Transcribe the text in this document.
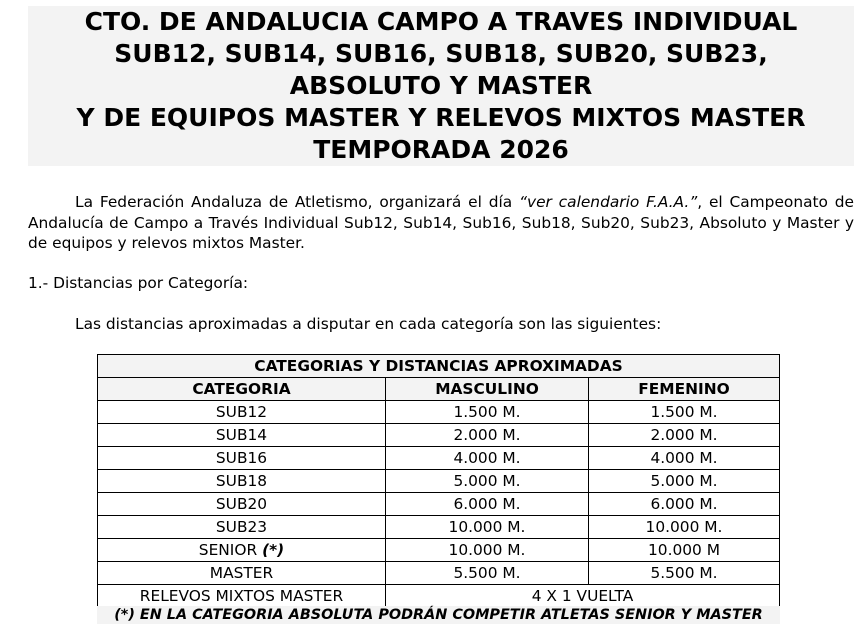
CTO. DE ANDALUCIA CAMPO A TRAVES INDIVIDUAL
SUB12, SUB14, SUB16, SUB18, SUB20, SUB23,
ABSOLUTO Y MASTER
Y DE EQUIPOS MASTER Y RELEVOS MIXTOS MASTER
TEMPORADA 2026
La Federación Andaluza de Atletismo, organizará el día “ver calendario F.A.A.”, el Campeonato de Andalucía de Campo a Través Individual Sub12, Sub14, Sub16, Sub18, Sub20, Sub23, Absoluto y Master y de equipos y relevos mixtos Master.
1.- Distancias por Categoría:
Las distancias aproximadas a disputar en cada categoría son las siguientes:
CATEGORIAS Y DISTANCIAS APROXIMADAS		
CATEGORIA	MASCULINO	FEMENINO
SUB12	1.500 M.	1.500 M.
SUB14	2.000 M.	2.000 M.
SUB16	4.000 M.	4.000 M.
SUB18	5.000 M.	5.000 M.
SUB20	6.000 M.	6.000 M.
SUB23	10.000 M.	10.000 M.
SENIOR (*)	10.000 M.	10.000 M
MASTER	5.500 M.	5.500 M.
RELEVOS MIXTOS MASTER	4 X 1 VUELTA	
(*) EN LA CATEGORIA ABSOLUTA PODRÁN COMPETIR ATLETAS SENIOR Y MASTER
